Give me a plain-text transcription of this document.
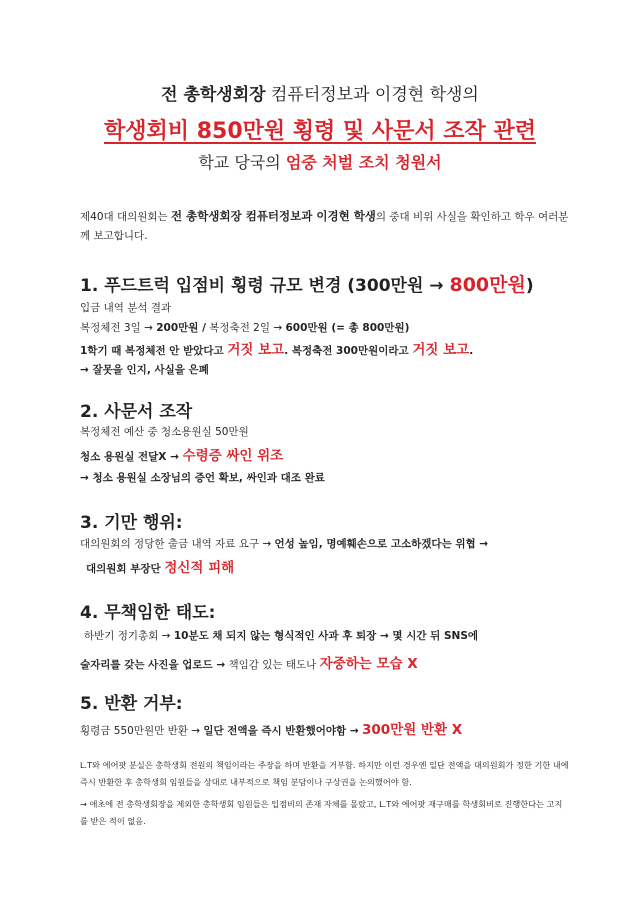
전 총학생회장 컴퓨터정보과 이경현 학생의
학생회비 850만원 횡령 및 사문서 조작 관련
학교 당국의 엄중 처벌 조치 청원서
제40대 대의원회는 전 총학생회장 컴퓨터정보과 이경현 학생의 중대 비위 사실을 확인하고 학우 여러분께 보고합니다.
1. 푸드트럭 입점비 횡령 규모 변경 (300만원 → 800만원)
입금 내역 분석 결과
복정체전 3일 → 200만원 / 복정축전 2일 → 600만원 (= 총 800만원)
1학기 때 복정체전 안 받았다고 거짓 보고. 복정축전 300만원이라고 거짓 보고.
→ 잘못을 인지, 사실을 은폐
2. 사문서 조작
복정체전 예산 중 청소용원실 50만원
청소 용원실 전달X → 수령증 싸인 위조
→ 청소 용원실 소장님의 증언 확보, 싸인과 대조 완료
3. 기만 행위:
대의원회의 정당한 출금 내역 자료 요구 → 언성 높임, 명예훼손으로 고소하겠다는 위협 →
대의원회 부장단 정신적 피해
4. 무책임한 태도:
하반기 정기총회 → 10분도 채 되지 않는 형식적인 사과 후 퇴장 → 몇 시간 뒤 SNS에
술자리를 갖는 사진을 업로드 → 책임감 있는 태도나 자중하는 모습 X
5. 반환 거부:
횡령금 550만원만 반환 → 일단 전액을 즉시 반환했어야함 → 300만원 반환 X
L.T와 에어팟 분실은 총학생회 전원의 책임이라는 주장을 하며 반환을 거부함. 하지만 이런 경우엔 일단 전액을 대의원회가 정한 기한 내에 즉시 반환한 후 총학생회 임원들을 상대로 내부적으로 책임 분담이나 구상권을 논의했어야 함.
→ 애초에 전 총학생회장을 제외한 총학생회 임원들은 입점비의 존재 자체를 몰랐고, L.T와 에어팟 재구매를 학생회비로 진행한다는 고지를 받은 적이 없음.
